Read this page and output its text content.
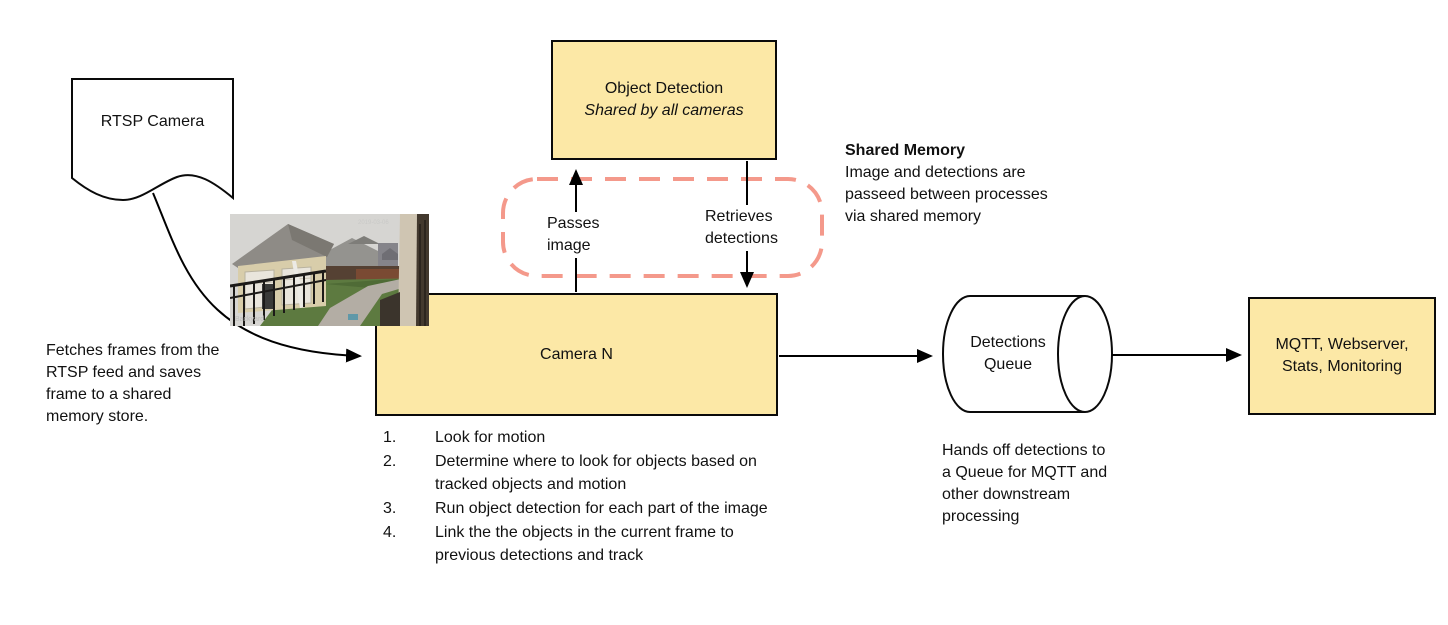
RTSP Camera
Fetches frames from the RTSP feed and saves frame to a shared memory store.
Object Detection
Shared by all cameras
Shared Memory
Image and detections are passeed between processes via shared memory
Passes image
Retrieves detections
Camera N
2019-03-06
Backyard
1.	Look for motion
2.	Determine where to look for objects based on tracked objects and motion
3.	Run object detection for each part of the image
4.	Link the the objects in the current frame to previous detections and track
Detections Queue
Hands off detections to a Queue for MQTT and other downstream processing
MQTT, Webserver, Stats, Monitoring
